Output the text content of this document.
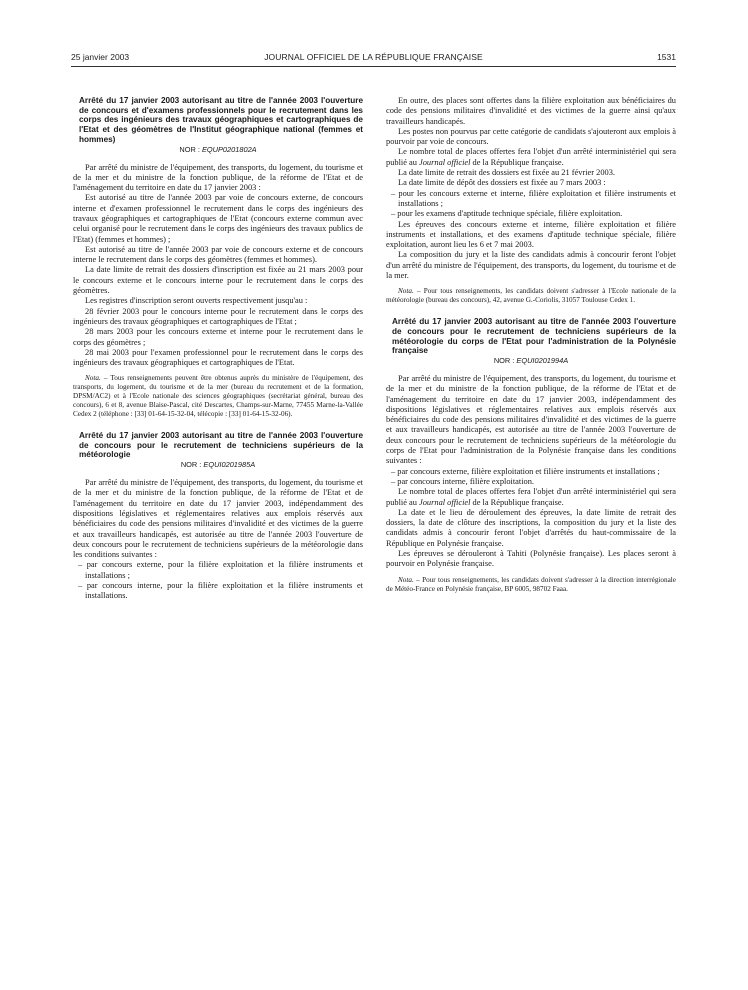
25 janvier 2003	JOURNAL OFFICIEL DE LA RÉPUBLIQUE FRANÇAISE	1531

Arrêté du 17 janvier 2003 autorisant au titre de l'année 2003 l'ouverture de concours et d'examens professionnels pour le recrutement dans les corps des ingénieurs des travaux géographiques et cartographiques de l'Etat et des géomètres de l'Institut géographique national (femmes et hommes)

NOR : EQUP0201802A

Par arrêté du ministre de l'équipement, des transports, du logement, du tourisme et de la mer et du ministre de la fonction publique, de la réforme de l'Etat et de l'aménagement du territoire en date du 17 janvier 2003 :

Est autorisé au titre de l'année 2003 par voie de concours externe, de concours interne et d'examen professionnel le recrutement dans le corps des ingénieurs des travaux géographiques et cartographiques de l'Etat (concours externe commun avec celui organisé pour le recrutement dans le corps des ingénieurs des travaux publics de l'Etat) (femmes et hommes) ;

Est autorisé au titre de l'année 2003 par voie de concours externe et de concours interne le recrutement dans le corps des géomètres (femmes et hommes).

La date limite de retrait des dossiers d'inscription est fixée au 21 mars 2003 pour le concours externe et le concours interne pour le recrutement dans le corps des géomètres.

Les registres d'inscription seront ouverts respectivement jusqu'au :

28 février 2003 pour le concours interne pour le recrutement dans le corps des ingénieurs des travaux géographiques et cartographiques de l'Etat ;

28 mars 2003 pour les concours externe et interne pour le recrutement dans le corps des géomètres ;

28 mai 2003 pour l'examen professionnel pour le recrutement dans le corps des ingénieurs des travaux géographiques et cartographiques de l'Etat.

Nota. – Tous renseignements peuvent être obtenus auprès du ministère de l'équipement, des transports, du logement, du tourisme et de la mer (bureau du recrutement et de la formation, DPSM/AC2) et à l'Ecole nationale des sciences géographiques (secrétariat général, bureau des concours), 6 et 8, avenue Blaise-Pascal, cité Descartes, Champs-sur-Marne, 77455 Marne-la-Vallée Cedex 2 (téléphone : [33] 01-64-15-32-04, télécopie : [33] 01-64-15-32-06).

Arrêté du 17 janvier 2003 autorisant au titre de l'année 2003 l'ouverture de concours pour le recrutement de techniciens supérieurs de la météorologie

NOR : EQUI0201985A

Par arrêté du ministre de l'équipement, des transports, du logement, du tourisme et de la mer et du ministre de la fonction publique, de la réforme de l'Etat et de l'aménagement du territoire en date du 17 janvier 2003, indépendamment des dispositions législatives et réglementaires relatives aux emplois réservés aux bénéficiaires du code des pensions militaires d'invalidité et des victimes de la guerre et aux travailleurs handicapés, est autorisée au titre de l'année 2003 l'ouverture de deux concours pour le recrutement de techniciens supérieurs de la météorologie dans les conditions suivantes :

– par concours externe, pour la filière exploitation et la filière instruments et installations ;

– par concours interne, pour la filière exploitation et la filière instruments et installations.

En outre, des places sont offertes dans la filière exploitation aux bénéficiaires du code des pensions militaires d'invalidité et des victimes de la guerre ainsi qu'aux travailleurs handicapés.

Les postes non pourvus par cette catégorie de candidats s'ajouteront aux emplois à pourvoir par voie de concours.

Le nombre total de places offertes fera l'objet d'un arrêté interministériel qui sera publié au Journal officiel de la République française.

La date limite de retrait des dossiers est fixée au 21 février 2003.

La date limite de dépôt des dossiers est fixée au 7 mars 2003 :

– pour les concours externe et interne, filière exploitation et filière instruments et installations ;

– pour les examens d'aptitude technique spéciale, filière exploitation.

Les épreuves des concours externe et interne, filière exploitation et filière instruments et installations, et des examens d'aptitude technique spéciale, filière exploitation, auront lieu les 6 et 7 mai 2003.

La composition du jury et la liste des candidats admis à concourir feront l'objet d'un arrêté du ministre de l'équipement, des transports, du logement, du tourisme et de la mer.

Nota. – Pour tous renseignements, les candidats doivent s'adresser à l'Ecole nationale de la météorologie (bureau des concours), 42, avenue G.-Coriolis, 31057 Toulouse Cedex 1.

Arrêté du 17 janvier 2003 autorisant au titre de l'année 2003 l'ouverture de concours pour le recrutement de techniciens supérieurs de la météorologie du corps de l'Etat pour l'administration de la Polynésie française

NOR : EQUI0201994A

Par arrêté du ministre de l'équipement, des transports, du logement, du tourisme et de la mer et du ministre de la fonction publique, de la réforme de l'Etat et de l'aménagement du territoire en date du 17 janvier 2003, indépendamment des dispositions législatives et réglementaires relatives aux emplois réservés aux bénéficiaires du code des pensions militaires d'invalidité et des victimes de la guerre et aux travailleurs handicapés, est autorisée au titre de l'année 2003 l'ouverture de deux concours pour le recrutement de techniciens supérieurs de la météorologie du corps de l'Etat pour l'administration de la Polynésie française dans les conditions suivantes :

– par concours externe, filière exploitation et filière instruments et installations ;

– par concours interne, filière exploitation.

Le nombre total de places offertes fera l'objet d'un arrêté interministériel qui sera publié au Journal officiel de la République française.

La date et le lieu de déroulement des épreuves, la date limite de retrait des dossiers, la date de clôture des inscriptions, la composition du jury et la liste des candidats admis à concourir feront l'objet d'arrêtés du haut-commissaire de la République en Polynésie française.

Les épreuves se dérouleront à Tahiti (Polynésie française). Les places seront à pourvoir en Polynésie française.

Nota. – Pour tous renseignements, les candidats doivent s'adresser à la direction interrégionale de Météo-France en Polynésie française, BP 6005, 98702 Faaa.
